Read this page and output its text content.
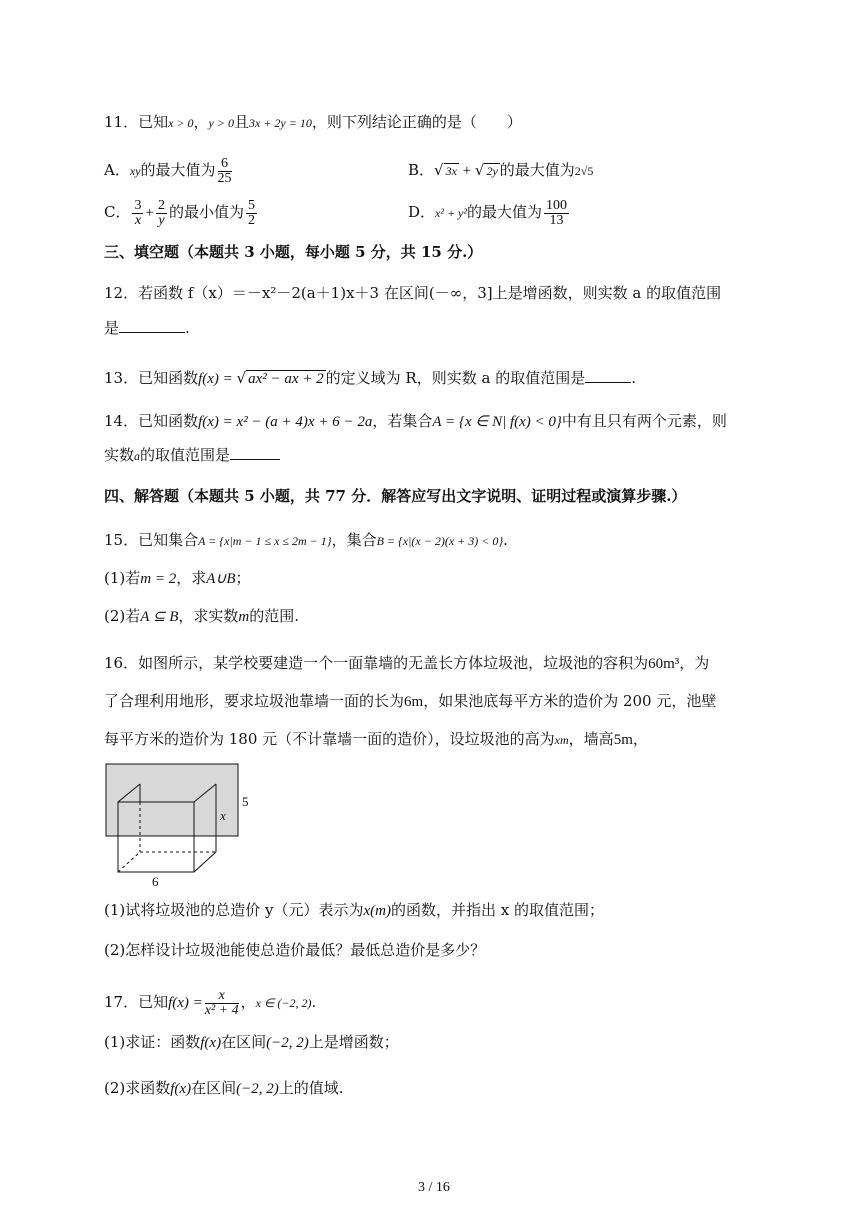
11．已知x > 0，y > 0且3x + 2y = 10，则下列结论正确的是（　　）
A．xy的最大值为 $\frac{6}{25}$	B．√ 3x + √ 2y 的最大值为2√5
C． $\frac{3}{x} + \frac{2}{y}$ 的最小值为 $\frac{5}{2}$	D．x² + y²的最大值为 $\frac{100}{13}$
三、填空题（本题共 3 小题，每小题 5 分，共 15 分.）
12．若函数 f（x）＝－x²－2(a＋1)x＋3 在区间(－∞，3]上是增函数，则实数 a 的取值范围
是	.
13．已知函数f(x) = √ ax² − ax + 2 的定义域为 R，则实数 a 的取值范围是	.
14．已知函数f(x) = x² − (a + 4)x + 6 − 2a，若集合A = {x ∈ N| f(x) < 0}中有且只有两个元素，则
实数a的取值范围是
四、解答题（本题共 5 小题，共 77 分．解答应写出文字说明、证明过程或演算步骤.）
15．已知集合A = {x|m − 1 ≤ x ≤ 2m − 1}，集合B = {x|(x − 2)(x + 3) < 0}.
(1)若m = 2，求A∪B；
(2)若A ⊆ B，求实数m的范围.
16．如图所示，某学校要建造一个一面靠墙的无盖长方体垃圾池，垃圾池的容积为60m³，为
了合理利用地形，要求垃圾池靠墙一面的长为6m，如果池底每平方米的造价为 200 元，池壁
每平方米的造价为 180 元（不计靠墙一面的造价），设垃圾池的高为xm，墙高5m，
5
x
6
(1)试将垃圾池的总造价 y（元）表示为x(m)的函数，并指出 x 的取值范围；
(2)怎样设计垃圾池能使总造价最低？最低总造价是多少？
17．已知$f(x) = \frac{x}{\text{x² + 4}}$ ，x ∈ (−2, 2).
(1)求证：函数f(x)在区间(−2, 2)上是增函数；
(2)求函数f(x)在区间(−2, 2)上的值域.
3 / 16
